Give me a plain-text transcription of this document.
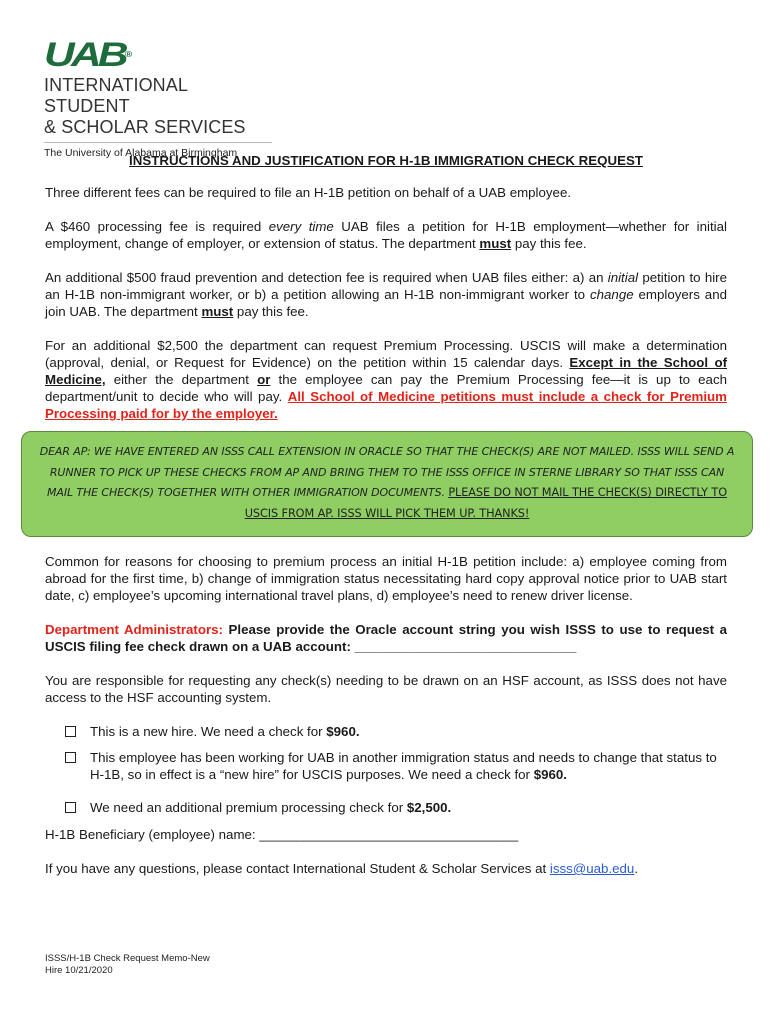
UAB®
INTERNATIONAL STUDENT
& SCHOLAR SERVICES
The University of Alabama at Birmingham
INSTRUCTIONS AND JUSTIFICATION FOR H-1B IMMIGRATION CHECK REQUEST

Three different fees can be required to file an H-1B petition on behalf of a UAB employee.

A $460 processing fee is required every time UAB files a petition for H-1B employment—whether for initial employment, change of employer, or extension of status. The department must pay this fee.

An additional $500 fraud prevention and detection fee is required when UAB files either: a) an initial petition to hire an H-1B non-immigrant worker, or b) a petition allowing an H-1B non-immigrant worker to change employers and join UAB. The department must pay this fee.

For an additional $2,500 the department can request Premium Processing. USCIS will make a determination (approval, denial, or Request for Evidence) on the petition within 15 calendar days. Except in the School of Medicine, either the department or the employee can pay the Premium Processing fee—it is up to each department/unit to decide who will pay. All School of Medicine petitions must include a check for Premium Processing paid for by the employer.

DEAR AP: WE HAVE ENTERED AN ISSS CALL EXTENSION IN ORACLE SO THAT THE CHECK(S) ARE NOT MAILED. ISSS WILL SEND A RUNNER TO PICK UP THESE CHECKS FROM AP AND BRING THEM TO THE ISSS OFFICE IN STERNE LIBRARY SO THAT ISSS CAN MAIL THE CHECK(S) TOGETHER WITH OTHER IMMIGRATION DOCUMENTS. PLEASE DO NOT MAIL THE CHECK(S) DIRECTLY TO USCIS FROM AP. ISSS WILL PICK THEM UP. THANKS!

Common for reasons for choosing to premium process an initial H-1B petition include: a) employee coming from abroad for the first time, b) change of immigration status necessitating hard copy approval notice prior to UAB start date, c) employee’s upcoming international travel plans, d) employee’s need to renew driver license.

Department Administrators: Please provide the Oracle account string you wish ISSS to use to request a USCIS filing fee check drawn on a UAB account: ______________________________

You are responsible for requesting any check(s) needing to be drawn on an HSF account, as ISSS does not have access to the HSF accounting system.

This is a new hire. We need a check for $960.
This employee has been working for UAB in another immigration status and needs to change that status to H-1B, so in effect is a “new hire” for USCIS purposes. We need a check for $960.
We need an additional premium processing check for $2,500.

H-1B Beneficiary (employee) name: ___________________________________

If you have any questions, please contact International Student & Scholar Services at isss@uab.edu.

ISSS/H-1B Check Request Memo-New
Hire 10/21/2020
